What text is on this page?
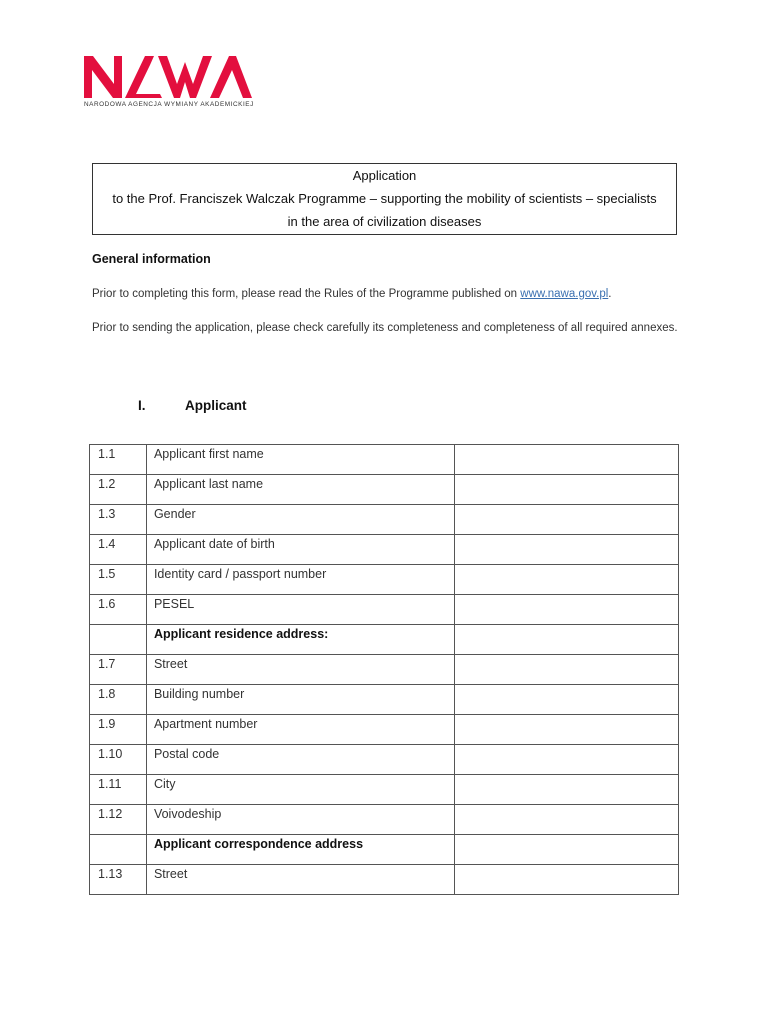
NARODOWA AGENCJA WYMIANY AKADEMICKIEJ
Application
to the Prof. Franciszek Walczak Programme – supporting the mobility of scientists – specialists
in the area of civilization diseases
General information
Prior to completing this form, please read the Rules of the Programme published on www.nawa.gov.pl.
Prior to sending the application, please check carefully its completeness and completeness of all required annexes.
I.	Applicant
1.1	Applicant first name	
1.2	Applicant last name	
1.3	Gender	
1.4	Applicant date of birth	
1.5	Identity card / passport number	
1.6	PESEL	
	Applicant residence address:	
1.7	Street	
1.8	Building number	
1.9	Apartment number	
1.10	Postal code	
1.11	City	
1.12	Voivodeship	
	Applicant correspondence address	
1.13	Street	
